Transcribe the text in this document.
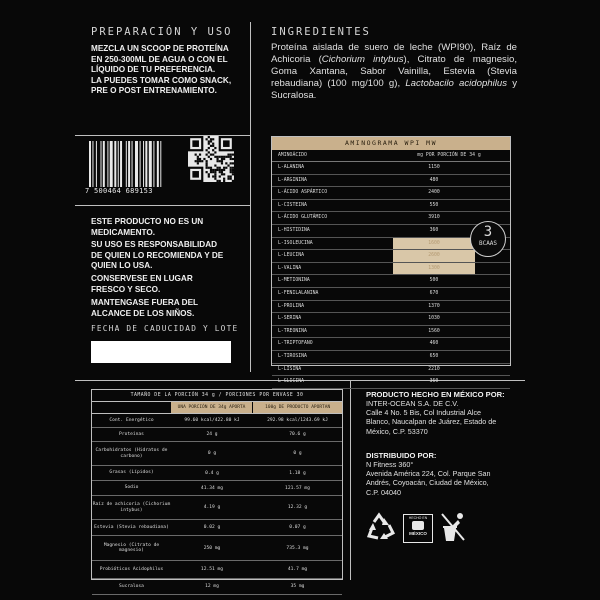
PREPARACIÓN Y USO
MEZCLA UN SCOOP DE PROTEÍNA
EN 250-300ML DE AGUA O CON EL
LÍQUIDO DE TU PREFERENCIA.
LA PUEDES TOMAR COMO SNACK,
PRE O POST ENTRENAMIENTO.
INGREDIENTES
Proteína aislada de suero de leche (WPI90), Raíz de Achicoria (Cichorium intybus), Citrato de magnesio, Goma Xantana, Sabor Vainilla, Estevia (Stevia rebaudiana) (100 mg/100 g), Lactobacilo acidophilus y Sucralosa.
7 500464 689153
ESTE PRODUCTO NO ES UN
MEDICAMENTO.
SU USO ES RESPONSABILIDAD
DE QUIEN LO RECOMIENDA Y DE
QUIEN LO USA.
CONSERVESE EN LUGAR
FRESCO Y SECO.
MANTENGASE FUERA DEL
ALCANCE DE LOS NIÑOS.
FECHA DE CADUCIDAD Y LOTE
AMINOGRAMA WPI MW
AMINOÁCIDO	mg POR PORCIÓN DE 34 g
L-ALANINA	1150
L-ARGININA	480
L-ÁCIDO ASPÁRTICO	2400
L-CISTEINA	550
L-ÁCIDO GLUTÁMICO	3910
L-HISTIDINA	360
L-ISOLEUCINA	1600
L-LEUCINA	2600
L-VALINA	1300
L-METIONINA	500
L-FENILALANINA	670
L-PROLINA	1370
L-SERINA	1030
L-TREONINA	1560
L-TRIPTOFANO	460
L-TIROSINA	650
L-LISINA	2210
L-GLICINA	360
3
BCAAS
TAMAÑO DE LA PORCIÓN 34 g / PORCIONES POR ENVASE 30
UNA PORCIÓN DE 34g APORTA	100g DE PRODUCTO APORTAN
Cont. Energético	99.60 kcal/422.80 kJ	292.98 kcal/1243.69 kJ
Proteínas	24 g	70.6 g
Carbohidratos (Hidratos de carbono)	0 g	0 g
Grasas (Lípidos)	0.4 g	1.18 g
Sodio	41.34 mg	121.57 mg
Raíz de achicoria (Cichorium intybus)	4.19 g	12.32 g
Estevia (Stevia rebaudiana)	0.02 g	0.07 g
Magnesio (Citrato de magnesio)	250 mg	735.3 mg
Probióticos Acidophilus	12.51 mg	41.7 mg
Sucralosa	12 mg	35 mg
PRODUCTO HECHO EN MÉXICO POR:
INTER-OCEAN S.A. DE C.V.
Calle 4 No. 5 Bis, Col Industrial Alce
Blanco, Naucalpan de Juárez, Estado de
México, C.P. 53370
DISTRIBUIDO POR:
N Fitness 360°
Avenida América 224, Col. Parque San
Andrés, Coyoacán, Ciudad de México,
C.P. 04040
HECHO EN
MÉXICO
